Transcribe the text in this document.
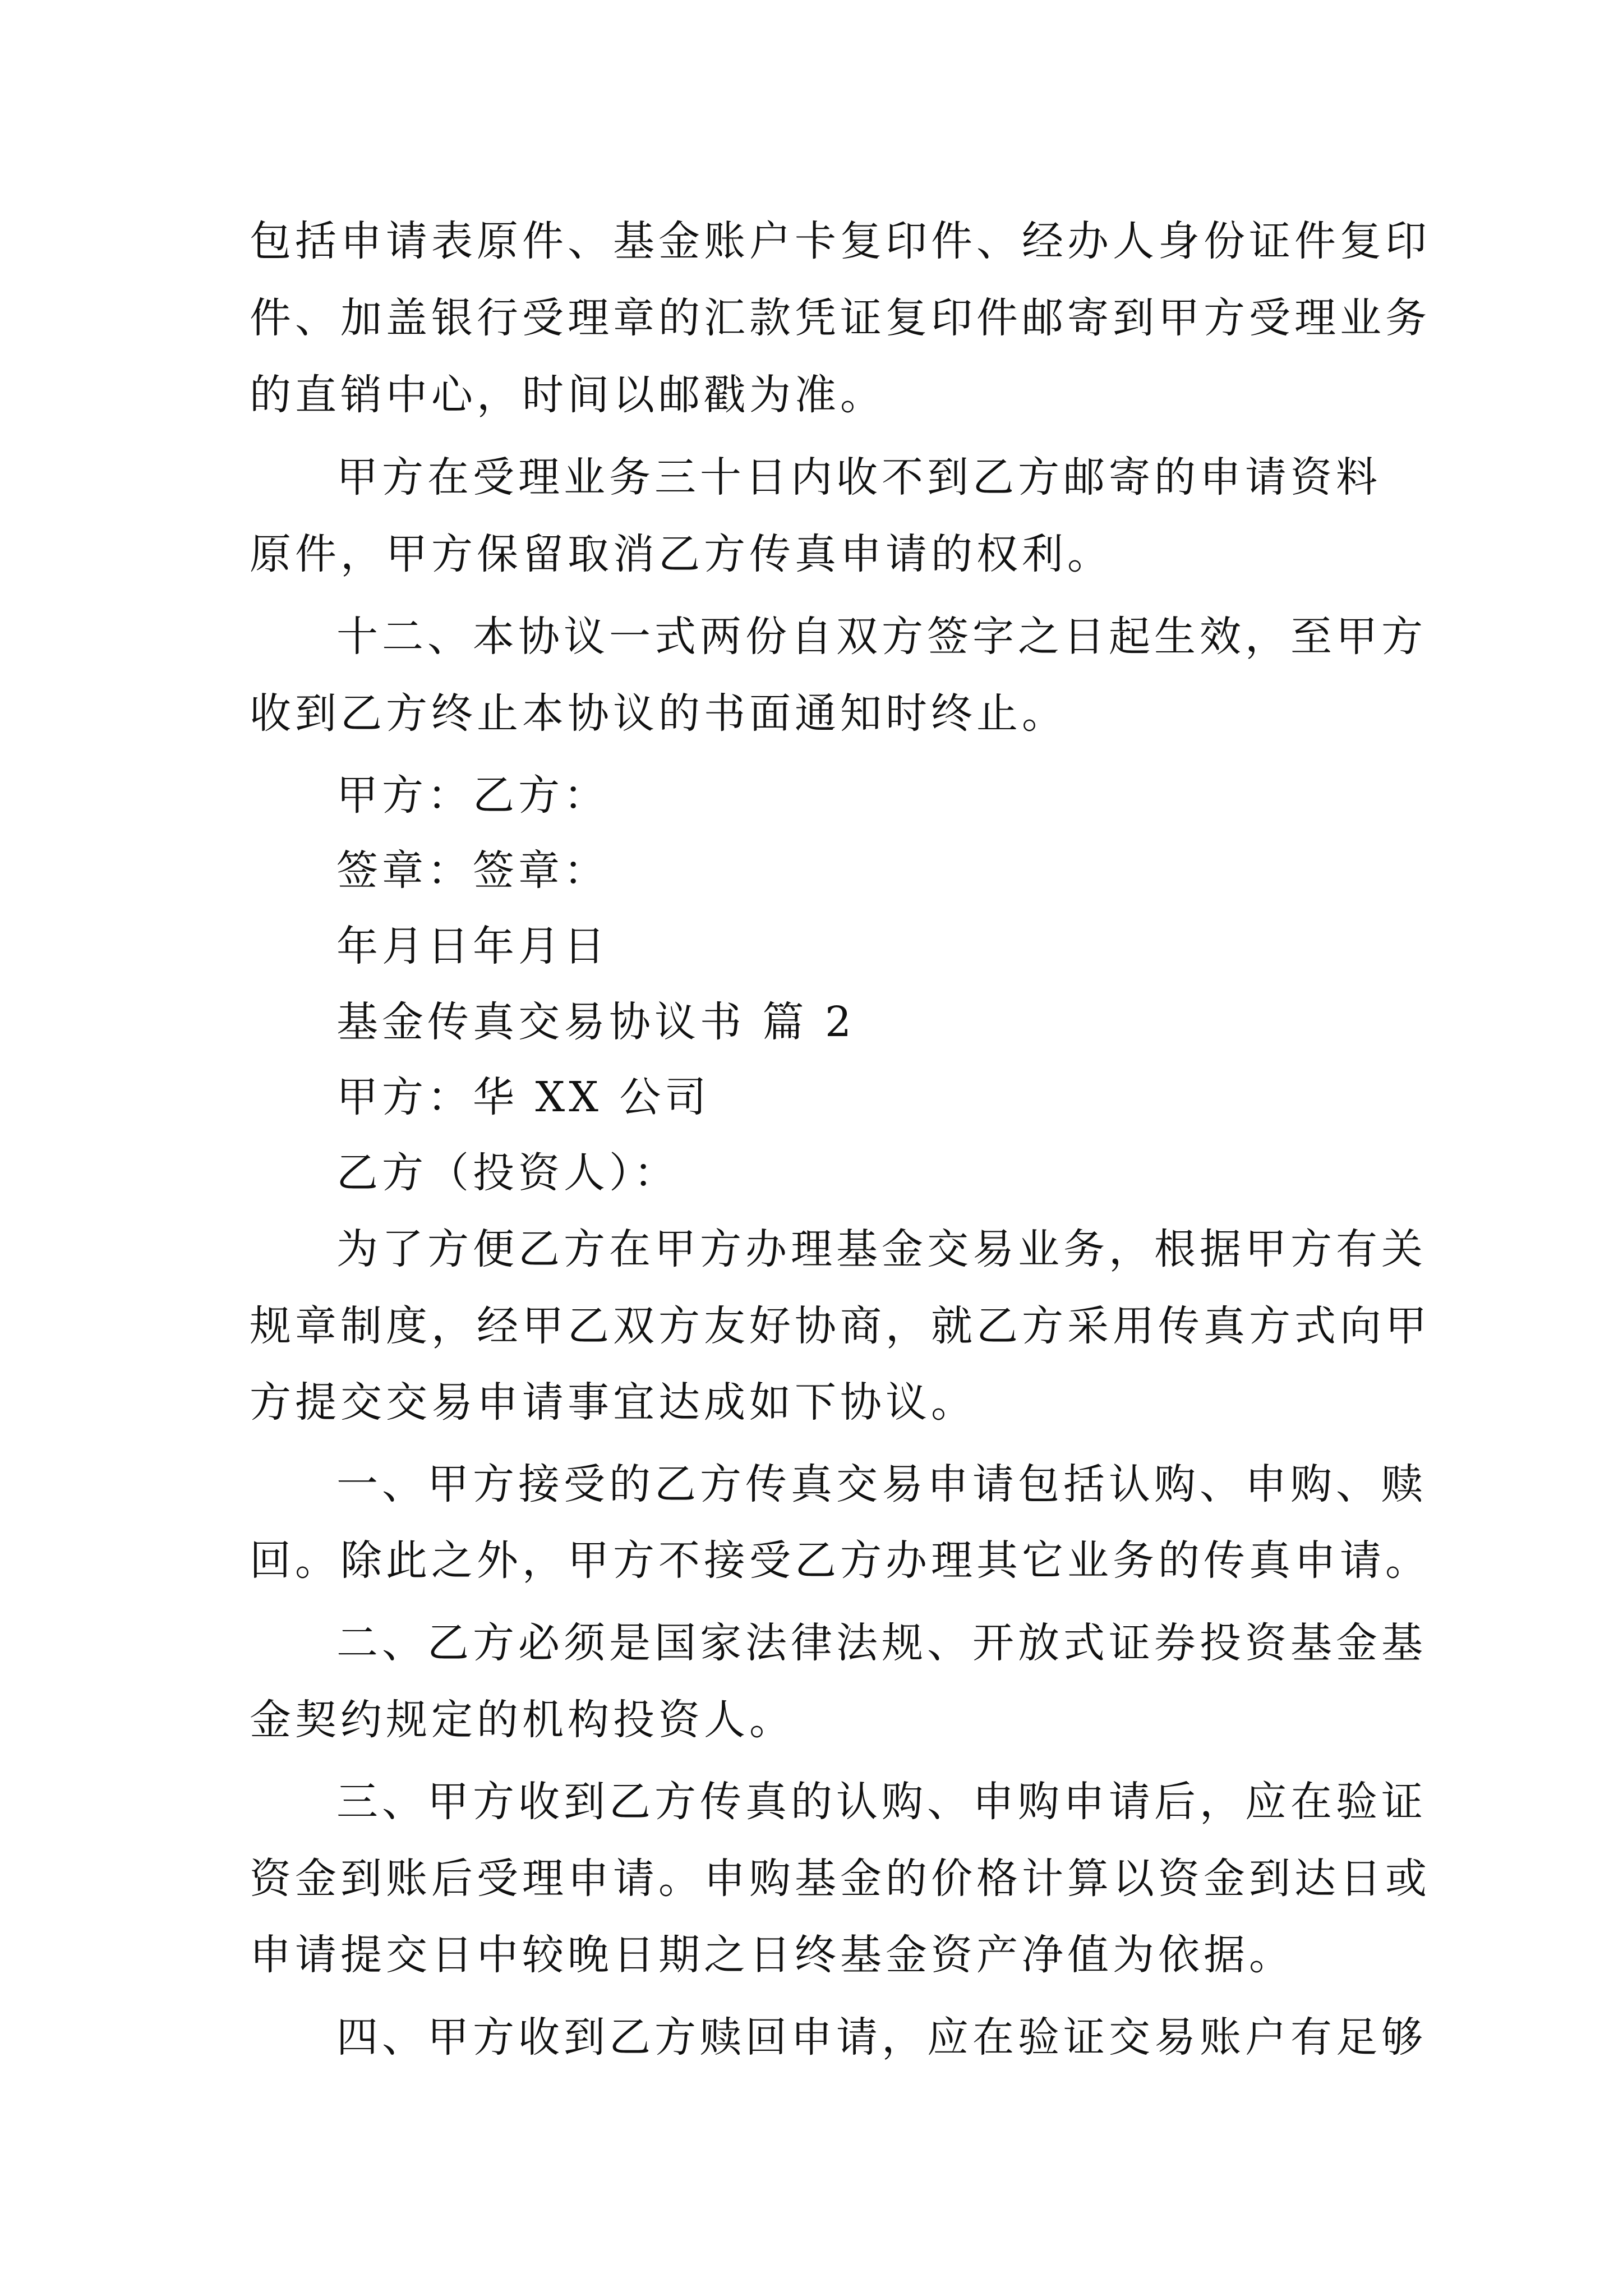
包括申请表原件、基金账户卡复印件、经办人身份证件复印

件、加盖银行受理章的汇款凭证复印件邮寄到甲方受理业务

的直销中心，时间以邮戳为准。

甲方在受理业务三十日内收不到乙方邮寄的申请资料

原件，甲方保留取消乙方传真申请的权利。

十二、本协议一式两份自双方签字之日起生效，至甲方

收到乙方终止本协议的书面通知时终止。

甲方：乙方：

签章：签章：

年月日年月日

基金传真交易协议书 篇 2

甲方：华 XX 公司

乙方（投资人）：

为了方便乙方在甲方办理基金交易业务，根据甲方有关

规章制度，经甲乙双方友好协商，就乙方采用传真方式向甲

方提交交易申请事宜达成如下协议。

一、甲方接受的乙方传真交易申请包括认购、申购、赎

回。除此之外，甲方不接受乙方办理其它业务的传真申请。

二、乙方必须是国家法律法规、开放式证券投资基金基

金契约规定的机构投资人。

三、甲方收到乙方传真的认购、申购申请后，应在验证

资金到账后受理申请。申购基金的价格计算以资金到达日或

申请提交日中较晚日期之日终基金资产净值为依据。

四、甲方收到乙方赎回申请，应在验证交易账户有足够
